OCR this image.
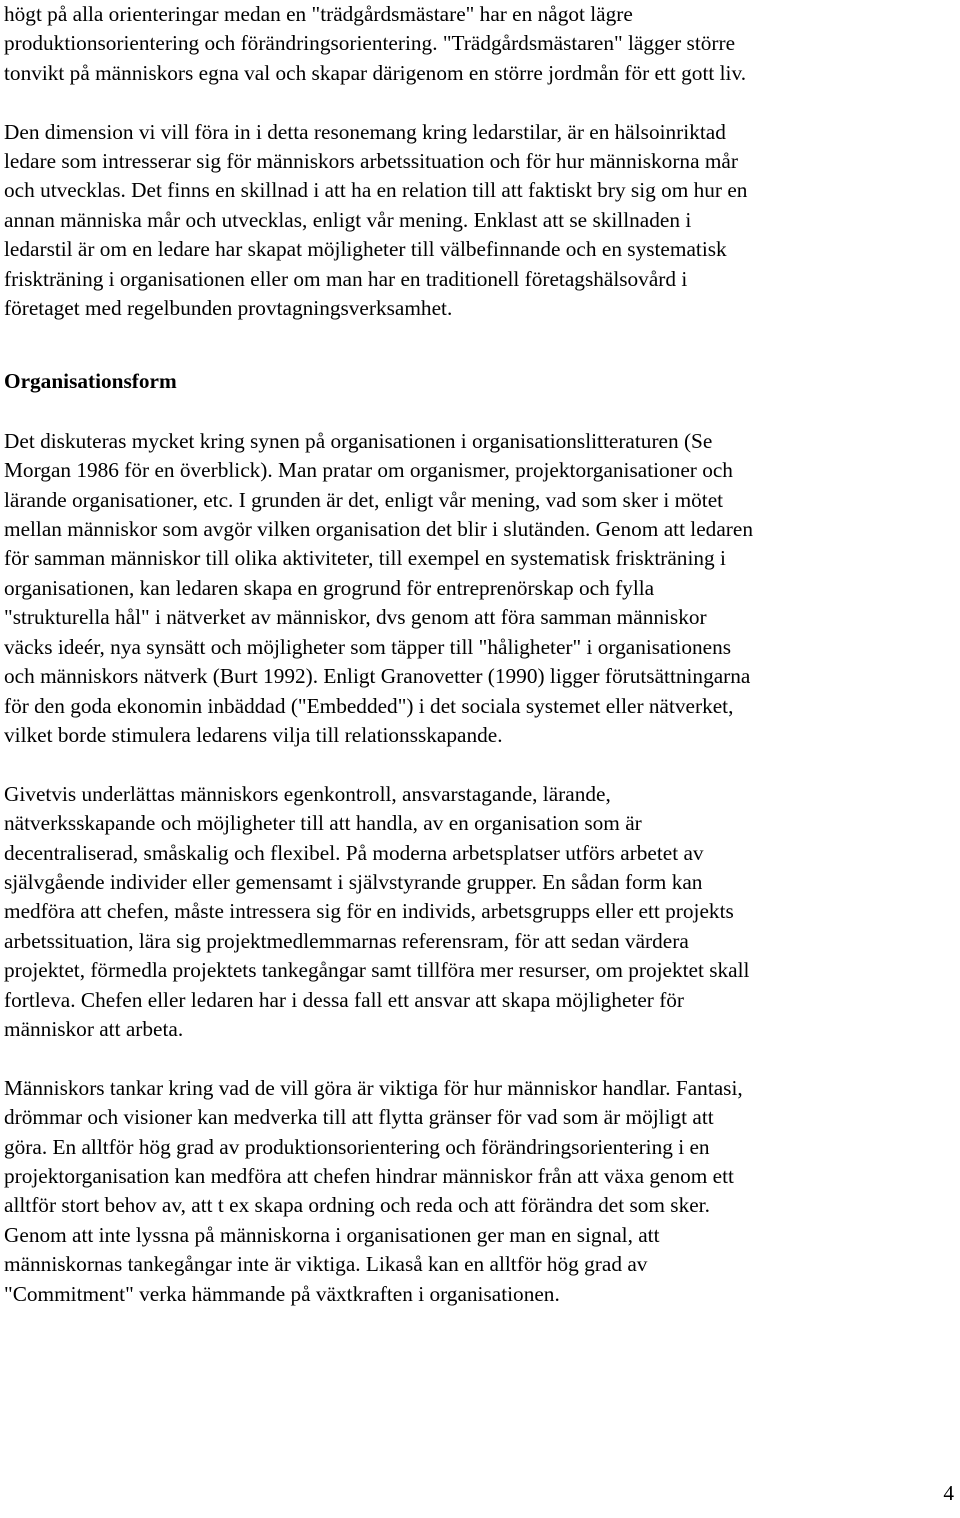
högt på alla orienteringar medan en "trädgårdsmästare" har en något lägre
produktionsorientering och förändringsorientering. "Trädgårdsmästaren" lägger större
tonvikt på människors egna val och skapar därigenom en större jordmån för ett gott liv.

Den dimension vi vill föra in i detta resonemang kring ledarstilar, är en hälsoinriktad
ledare som intresserar sig för människors arbetssituation och för hur människorna mår
och utvecklas. Det finns en skillnad i att ha en relation till att faktiskt bry sig om hur en
annan människa mår och utvecklas, enligt vår mening. Enklast att se skillnaden i
ledarstil är om en ledare har skapat möjligheter till välbefinnande och en systematisk
friskträning i organisationen eller om man har en traditionell företagshälsovård i
företaget med regelbunden provtagningsverksamhet.

Organisationsform

Det diskuteras mycket kring synen på organisationen i organisationslitteraturen (Se
Morgan 1986 för en överblick). Man pratar om organismer, projektorganisationer och
lärande organisationer, etc. I grunden är det, enligt vår mening, vad som sker i mötet
mellan människor som avgör vilken organisation det blir i slutänden. Genom att ledaren
för samman människor till olika aktiviteter, till exempel en systematisk friskträning i
organisationen, kan ledaren skapa en grogrund för entreprenörskap och fylla
"strukturella hål" i nätverket av människor, dvs genom att föra samman människor
väcks ideér, nya synsätt och möjligheter som täpper till "håligheter" i organisationens
och människors nätverk (Burt 1992). Enligt Granovetter (1990) ligger förutsättningarna
för den goda ekonomin inbäddad ("Embedded") i det sociala systemet eller nätverket,
vilket borde stimulera ledarens vilja till relationsskapande.

Givetvis underlättas människors egenkontroll, ansvarstagande, lärande,
nätverksskapande och möjligheter till att handla, av en organisation som är
decentraliserad, småskalig och flexibel. På moderna arbetsplatser utförs arbetet av
självgående individer eller gemensamt i självstyrande grupper. En sådan form kan
medföra att chefen, måste intressera sig för en individs, arbetsgrupps eller ett projekts
arbetssituation, lära sig projektmedlemmarnas referensram, för att sedan värdera
projektet, förmedla projektets tankegångar samt tillföra mer resurser, om projektet skall
fortleva. Chefen eller ledaren har i dessa fall ett ansvar att skapa möjligheter för
människor att arbeta.

Människors tankar kring vad de vill göra är viktiga för hur människor handlar. Fantasi,
drömmar och visioner kan medverka till att flytta gränser för vad som är möjligt att
göra. En alltför hög grad av produktionsorientering och förändringsorientering i en
projektorganisation kan medföra att chefen hindrar människor från att växa genom ett
alltför stort behov av, att t ex skapa ordning och reda och att förändra det som sker.
Genom att inte lyssna på människorna i organisationen ger man en signal, att
människornas tankegångar inte är viktiga. Likaså kan en alltför hög grad av
"Commitment" verka hämmande på växtkraften i organisationen.

4
